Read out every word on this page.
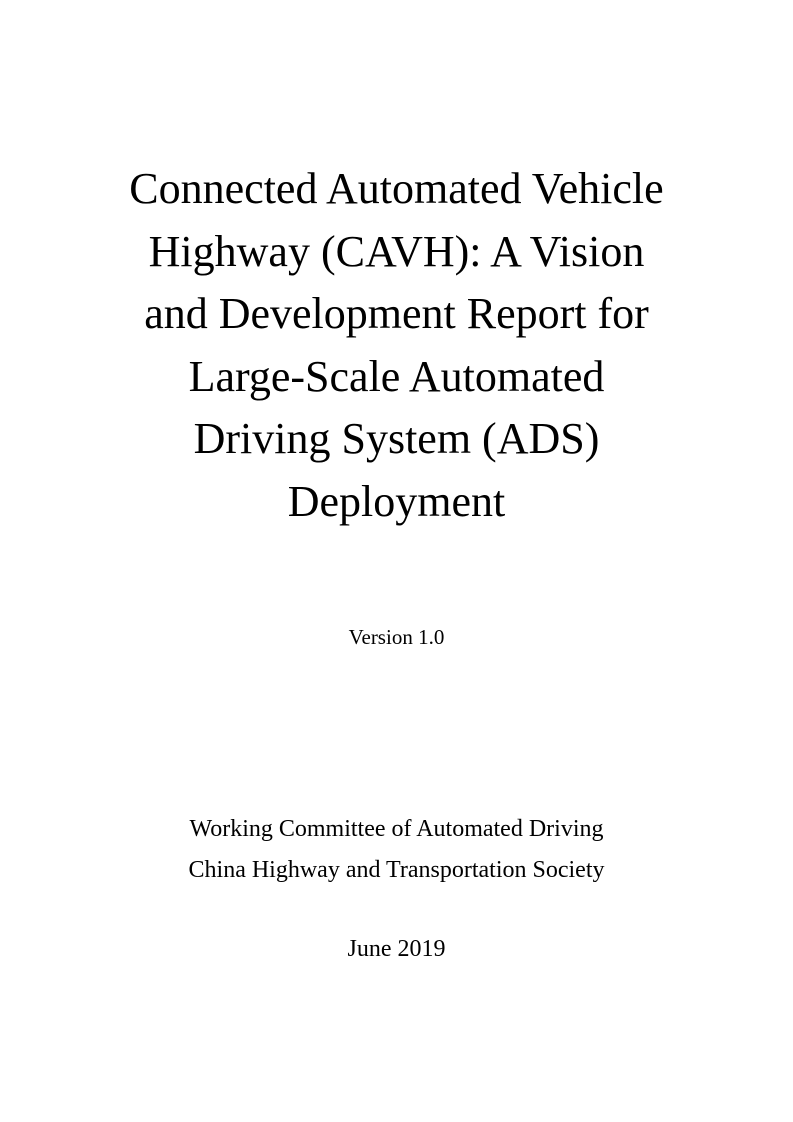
Connected Automated Vehicle
Highway (CAVH): A Vision
and Development Report for
Large-Scale Automated
Driving System (ADS)
Deployment
Version 1.0
Working Committee of Automated Driving
China Highway and Transportation Society
June 2019
